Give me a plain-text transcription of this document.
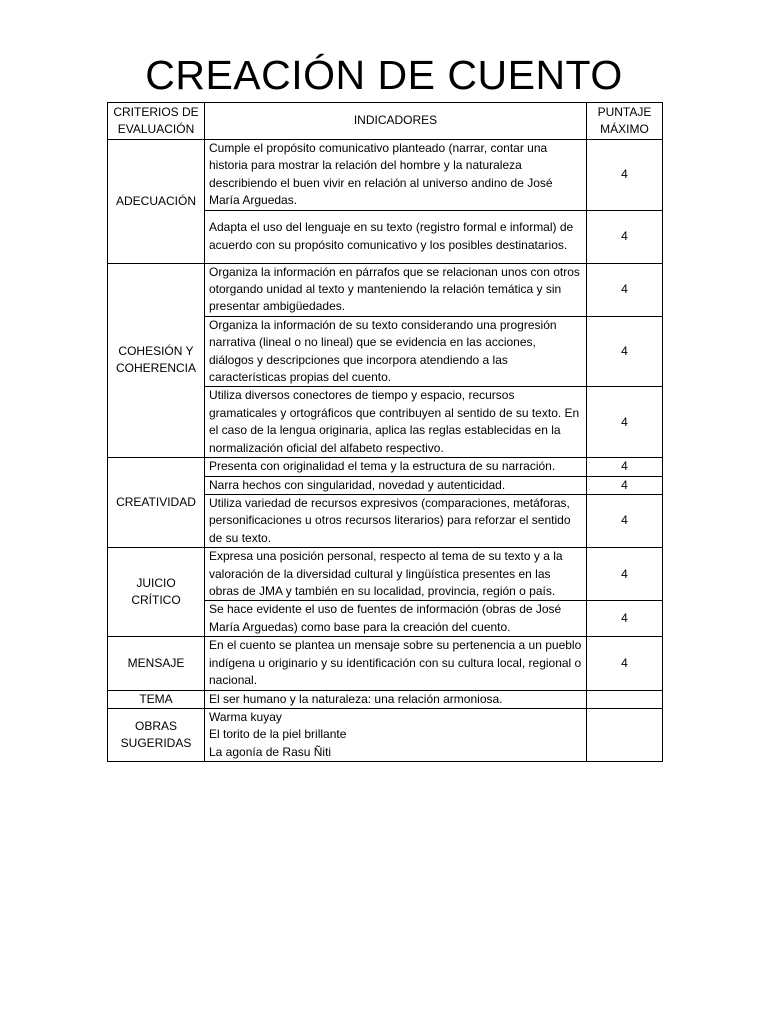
CREACIÓN DE CUENTO
CRITERIOS DE EVALUACIÓN	INDICADORES	PUNTAJE MÁXIMO
ADECUACIÓN	Cumple el propósito comunicativo planteado (narrar, contar una historia para mostrar la relación del hombre y la naturaleza describiendo el buen vivir en relación al universo andino de José María Arguedas.	4
	Adapta el uso del lenguaje en su texto (registro formal e informal) de acuerdo con su propósito comunicativo y los posibles destinatarios.	4
COHESIÓN Y COHERENCIA	Organiza la información en párrafos que se relacionan unos con otros otorgando unidad al texto y manteniendo la relación temática y sin presentar ambigüedades.	4
	Organiza la información de su texto considerando una progresión narrativa (lineal o no lineal) que se evidencia en las acciones, diálogos y descripciones que incorpora atendiendo a las características propias del cuento.	4
	Utiliza diversos conectores de tiempo y espacio, recursos gramaticales y ortográficos que contribuyen al sentido de su texto. En el caso de la lengua originaria, aplica las reglas establecidas en la normalización oficial del alfabeto respectivo.	4
CREATIVIDAD	Presenta con originalidad el tema y la estructura de su narración.	4
	Narra hechos con singularidad, novedad y autenticidad.	4
	Utiliza variedad de recursos expresivos (comparaciones, metáforas, personificaciones u otros recursos literarios) para reforzar el sentido de su texto.	4
JUICIO CRÍTICO	Expresa una posición personal, respecto al tema de su texto y a la valoración de la diversidad cultural y lingüística presentes en las obras de JMA y también en su localidad, provincia, región o país.	4
	Se hace evidente el uso de fuentes de información (obras de José María Arguedas) como base para la creación del cuento.	4
MENSAJE	En el cuento se plantea un mensaje sobre su pertenencia a un pueblo indígena u originario y su identificación con su cultura local, regional o nacional.	4
TEMA	El ser humano y la naturaleza: una relación armoniosa.	
OBRAS SUGERIDAS	Warma kuyay
El torito de la piel brillante
La agonía de Rasu Ñiti	
